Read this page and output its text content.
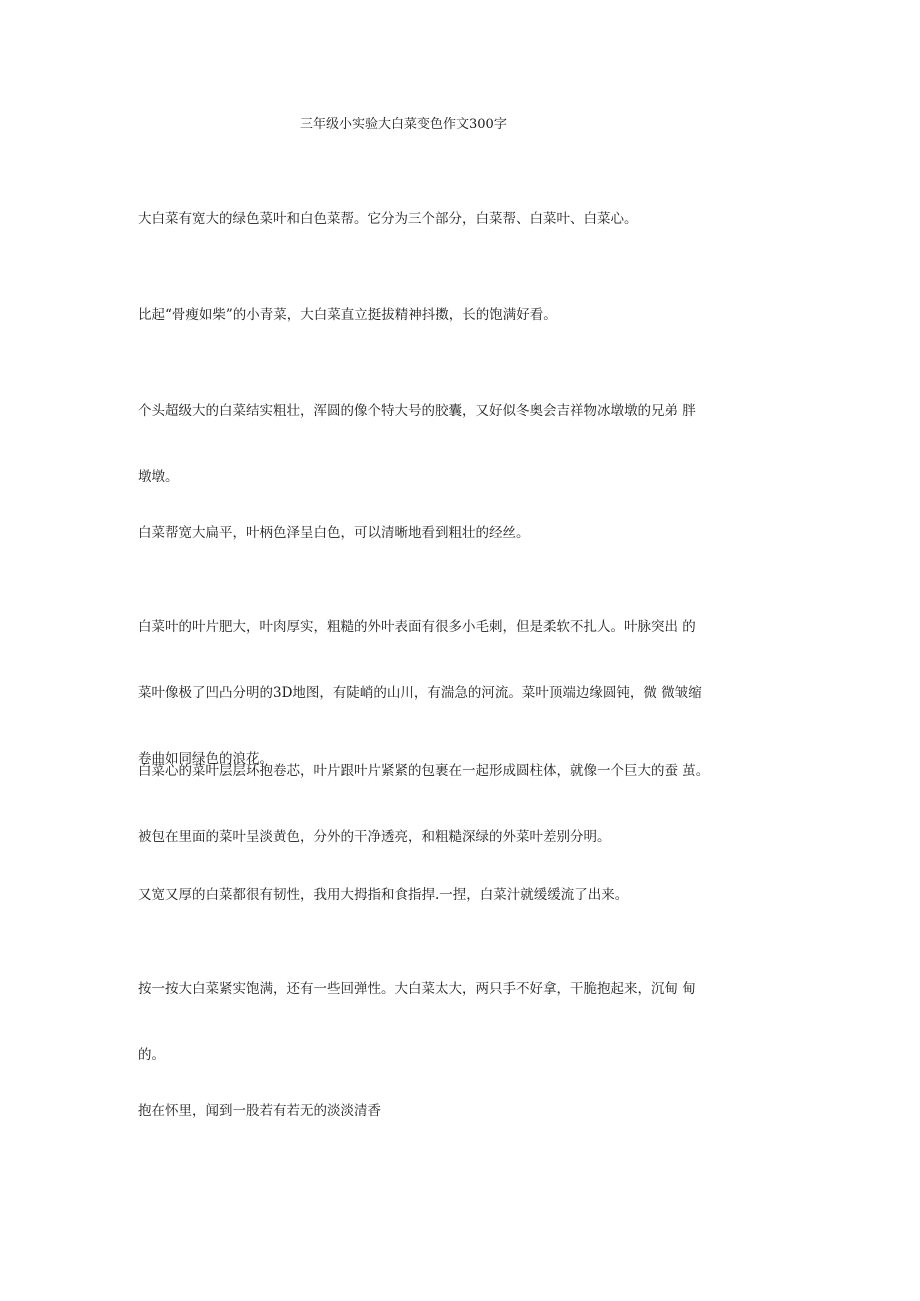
三年级小实验大白菜变色作文300字

大白菜有宽大的绿色菜叶和白色菜帮。它分为三个部分，白菜帮、白菜叶、白菜心。

比起“骨瘦如柴”的小青菜，大白菜直立挺拔精神抖擞，长的饱满好看。

个头超级大的白菜结实粗壮，浑圆的像个特大号的胶囊，又好似冬奥会吉祥物冰墩墩的兄弟 胖

墩墩。

白菜帮宽大扁平，叶柄色泽呈白色，可以清晰地看到粗壮的经丝。

白菜叶的叶片肥大，叶肉厚实，粗糙的外叶表面有很多小毛刺，但是柔软不扎人。叶脉突出 的

菜叶像极了凹凸分明的3D地图，有陡峭的山川，有湍急的河流。菜叶顶端边缘圆钝，微 微皱缩

卷曲如同绿色的浪花。

白菜心的菜叶层层环抱卷芯，叶片跟叶片紧紧的包裹在一起形成圆柱体，就像一个巨大的蚕 茧。

被包在里面的菜叶呈淡黄色，分外的干净透亮，和粗糙深绿的外菜叶差别分明。

又宽又厚的白菜都很有韧性，我用大拇指和食指捍.一捏，白菜汁就缓缓流了出来。

按一按大白菜紧实饱满，还有一些回弹性。大白菜太大，两只手不好拿，干脆抱起来，沉甸 甸

的。

抱在怀里，闻到一股若有若无的淡淡清香
